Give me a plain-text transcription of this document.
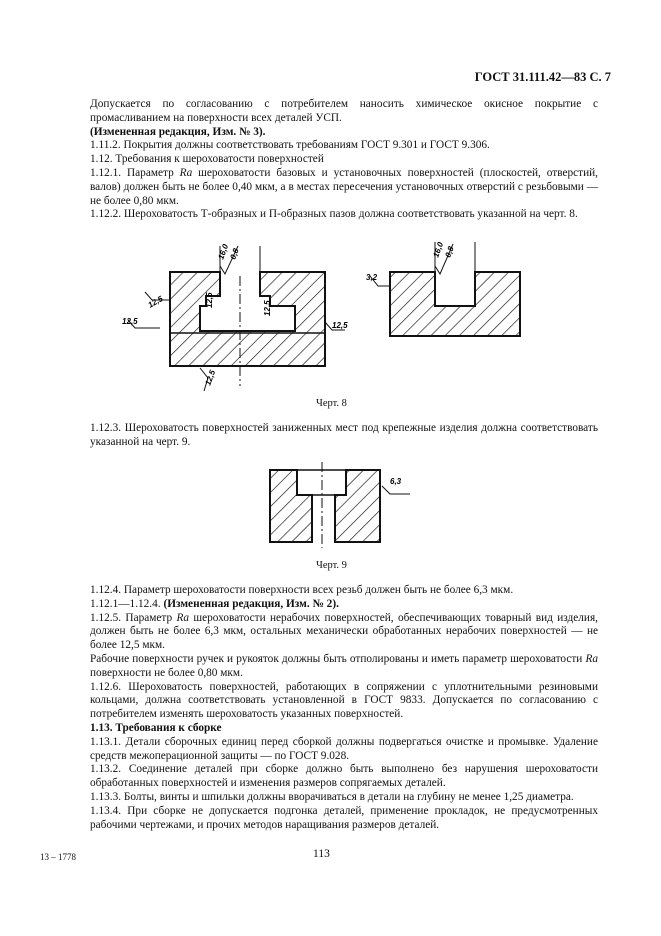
ГОСТ 31.111.42—83 С. 7

Допускается по согласованию с потребителем наносить химическое окисное покрытие с промасливанием на поверхности всех деталей УСП.

(Измененная редакция, Изм. № 3).

1.11.2. Покрытия должны соответствовать требованиям ГОСТ 9.301 и ГОСТ 9.306.

1.12. Требования к шероховатости поверхностей

1.12.1. Параметр Ra шероховатости базовых и установочных поверхностей (плоскостей, отверстий, валов) должен быть не более 0,40 мкм, а в местах пересечения установочных отверстий с резьбовыми — не более 0,80 мкм.

1.12.2. Шероховатость Т-образных и П-образных пазов должна соответствовать указанной на черт. 8.

16,0
0,8
12,5
12,5
12,5
12,5
12,5
12,5
3,2
16,0
0,8
Черт. 8

1.12.3. Шероховатость поверхностей заниженных мест под крепежные изделия должна соответствовать указанной на черт. 9.

6,3
Черт. 9

1.12.4. Параметр шероховатости поверхности всех резьб должен быть не более 6,3 мкм.

1.12.1—1.12.4. (Измененная редакция, Изм. № 2).

1.12.5. Параметр Ra шероховатости нерабочих поверхностей, обеспечивающих товарный вид изделия, должен быть не более 6,3 мкм, остальных механически обработанных нерабочих поверхностей — не более 12,5 мкм.

Рабочие поверхности ручек и рукояток должны быть отполированы и иметь параметр шероховатости Ra поверхности не более 0,80 мкм.

1.12.6. Шероховатость поверхностей, работающих в сопряжении с уплотнительными резиновыми кольцами, должна соответствовать установленной в ГОСТ 9833. Допускается по согласованию с потребителем изменять шероховатость указанных поверхностей.

1.13. Требования к сборке

1.13.1. Детали сборочных единиц перед сборкой должны подвергаться очистке и промывке. Удаление средств межоперационной защиты — по ГОСТ 9.028.

1.13.2. Соединение деталей при сборке должно быть выполнено без нарушения шероховатости обработанных поверхностей и изменения размеров сопрягаемых деталей.

1.13.3. Болты, винты и шпильки должны вворачиваться в детали на глубину не менее 1,25 диаметра.

1.13.4. При сборке не допускается подгонка деталей, применение прокладок, не предусмотренных рабочими чертежами, и прочих методов наращивания размеров деталей.

13 – 1778	113
